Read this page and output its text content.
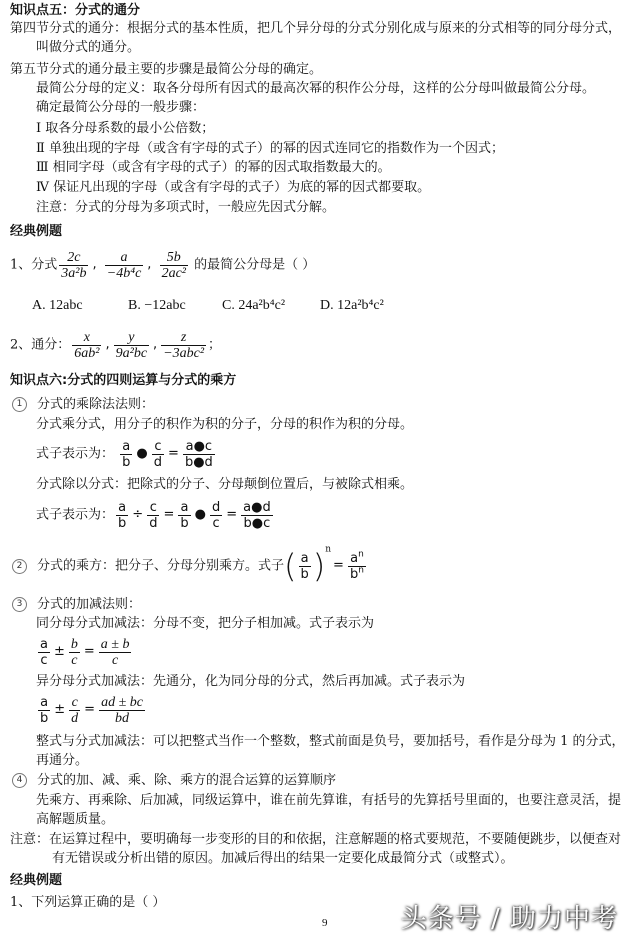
知识点五：分式的通分
第四节分式的通分：根据分式的基本性质，把几个异分母的分式分别化成与原来的分式相等的同分母分式，
叫做分式的通分。
第五节分式的通分最主要的步骤是最简公分母的确定。
最简公分母的定义：取各分母所有因式的最高次幂的积作公分母，这样的公分母叫做最简公分母。
确定最简公分母的一般步骤：
Ⅰ 取各分母系数的最小公倍数；
Ⅱ 单独出现的字母（或含有字母的式子）的幂的因式连同它的指数作为一个因式；
Ⅲ 相同字母（或含有字母的式子）的幂的因式取指数最大的。
Ⅳ 保证凡出现的字母（或含有字母的式子）为底的幂的因式都要取。
注意：分式的分母为多项式时，一般应先因式分解。
经典例题
1、分式 $\frac{2c}{\text{3a²b}}$ , $\frac{a}{\text{−4b⁴c}}$ , $\frac{5b}{\text{2ac²}}$ 的最简公分母是（ ）
A. 12abc	B. −12abc	C. 24a²b⁴c² D. 12a²b⁴c²
2、通分： $\frac{x}{\text{6ab²}}$ , $\frac{y}{\text{9a²bc}}$ , $\frac{z}{\text{−3abc²}}$ ；
知识点六:分式的四则运算与分式的乘方
1 分式的乘除法法则：
分式乘分式，用分子的积作为积的分子，分母的积作为积的分母。
式子表示为： $\frac{a}{b}$ ● $\frac{c}{d} = \frac{a●c}{b●d}$
分式除以分式：把除式的分子、分母颠倒位置后，与被除式相乘。
式子表示为： $\frac{a}{b} \div \frac{c}{d} = \frac{a}{b}$ ● $\frac{d}{c} = \frac{a●d}{b●c}$
2 分式的乘方：把分子、分母分别乘方。式子( $\frac{a}{b} )^n= \frac{a^n}{b^n}$
3 分式的加减法则：
同分母分式加减法：分母不变，把分子相加减。式子表示为
$\frac{a}{c} \pm \frac{b}{c} = \frac{a \pm b}{c}$
异分母分式加减法：先通分，化为同分母的分式，然后再加减。式子表示为
$\frac{a}{b} \pm \frac{c}{d} = \frac{ad \pm bc}{bd}$
整式与分式加减法：可以把整式当作一个整数，整式前面是负号，要加括号，看作是分母为 1 的分式，
再通分。
4 分式的加、减、乘、除、乘方的混合运算的运算顺序
先乘方、再乘除、后加减，同级运算中，谁在前先算谁，有括号的先算括号里面的，也要注意灵活，提
高解题质量。
注意：在运算过程中，要明确每一步变形的目的和依据，注意解题的格式要规范，不要随便跳步，以便查对
有无错误或分析出错的原因。加减后得出的结果一定要化成最简分式（或整式）。
经典例题
1、下列运算正确的是（ ）
9	头条号 / 助力中考
